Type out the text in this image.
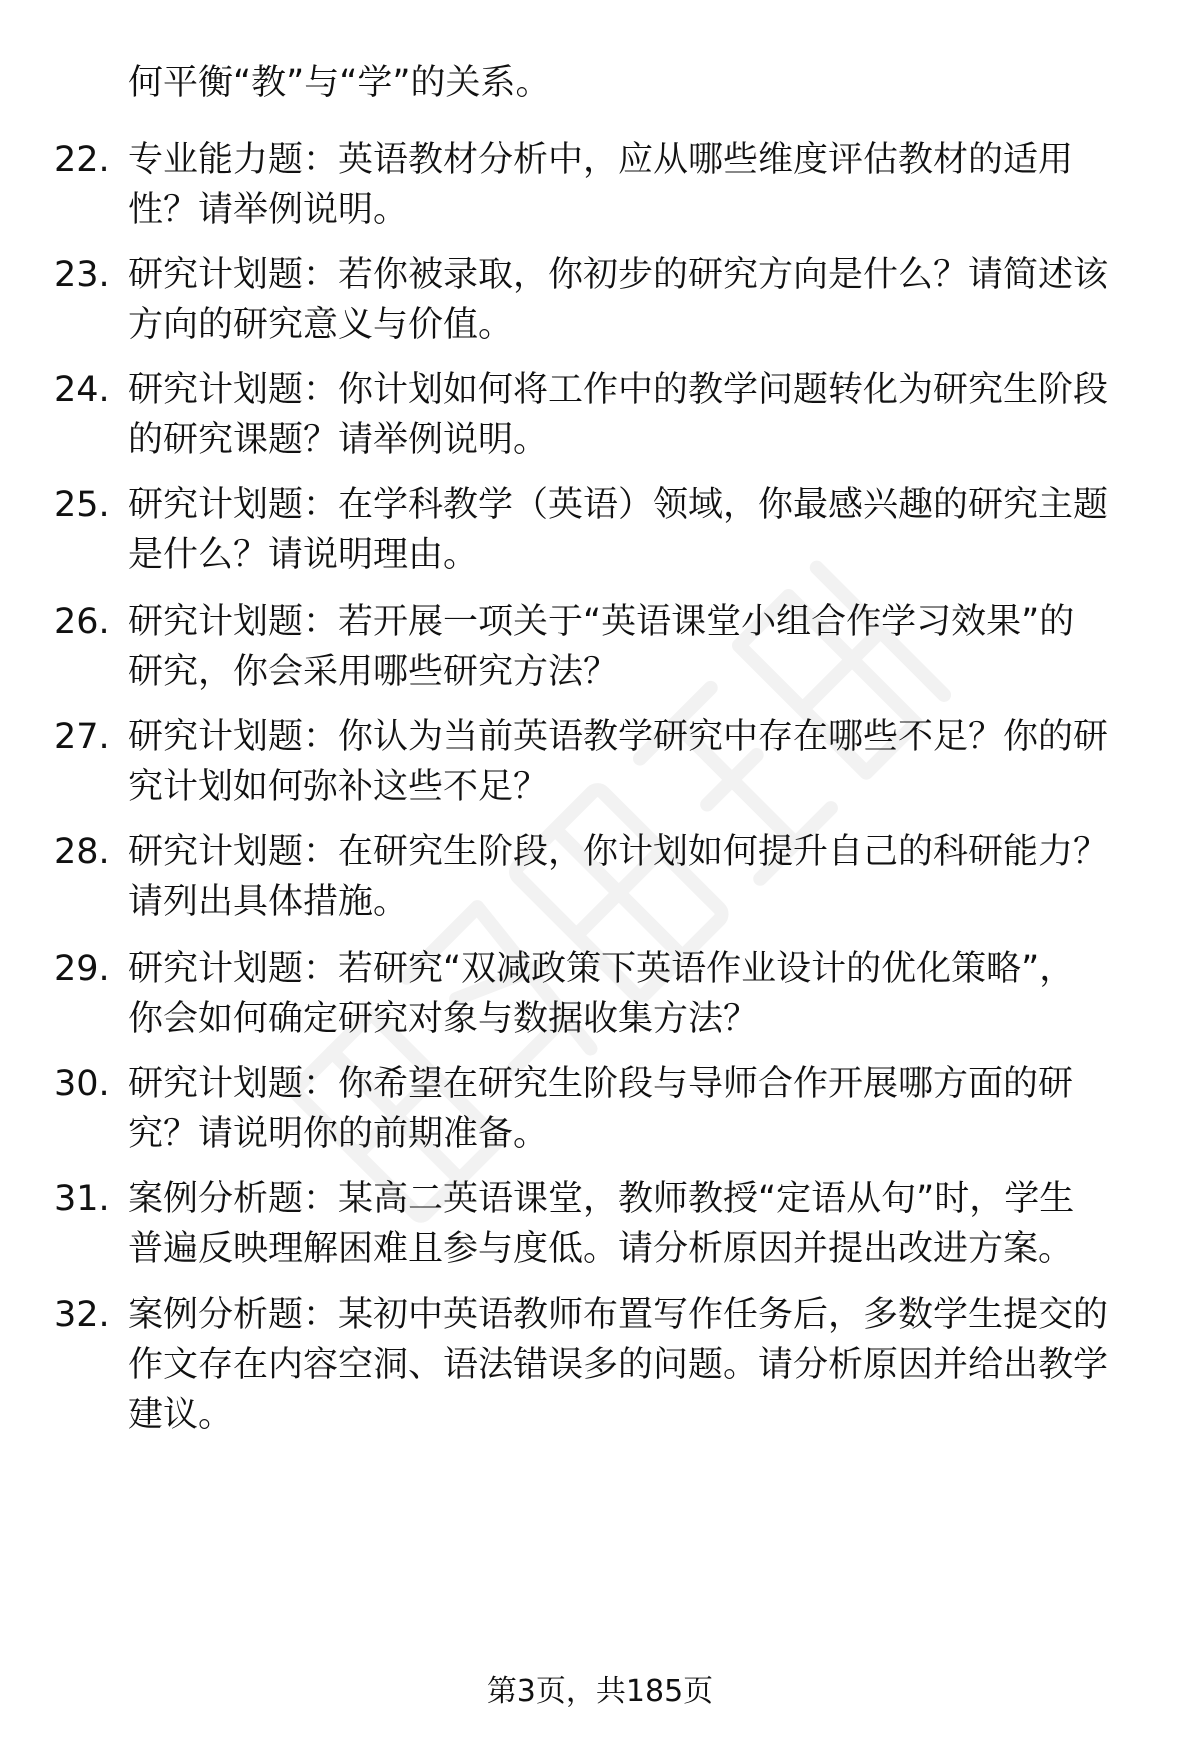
何平衡“教”与“学”的关系。
22. 专业能力题：英语教材分析中，应从哪些维度评估教材的适用
性？请举例说明。
23. 研究计划题：若你被录取，你初步的研究方向是什么？请简述该
方向的研究意义与价值。
24. 研究计划题：你计划如何将工作中的教学问题转化为研究生阶段
的研究课题？请举例说明。
25. 研究计划题：在学科教学（英语）领域，你最感兴趣的研究主题
是什么？请说明理由。
26. 研究计划题：若开展一项关于“英语课堂小组合作学习效果”的
研究，你会采用哪些研究方法？
27. 研究计划题：你认为当前英语教学研究中存在哪些不足？你的研
究计划如何弥补这些不足？
28. 研究计划题：在研究生阶段，你计划如何提升自己的科研能力？
请列出具体措施。
29. 研究计划题：若研究“双减政策下英语作业设计的优化策略”，
你会如何确定研究对象与数据收集方法？
30. 研究计划题：你希望在研究生阶段与导师合作开展哪方面的研
究？请说明你的前期准备。
31. 案例分析题：某高二英语课堂，教师教授“定语从句”时，学生
普遍反映理解困难且参与度低。请分析原因并提出改进方案。
32. 案例分析题：某初中英语教师布置写作任务后，多数学生提交的
作文存在内容空洞、语法错误多的问题。请分析原因并给出教学
建议。
第3页，共185页
